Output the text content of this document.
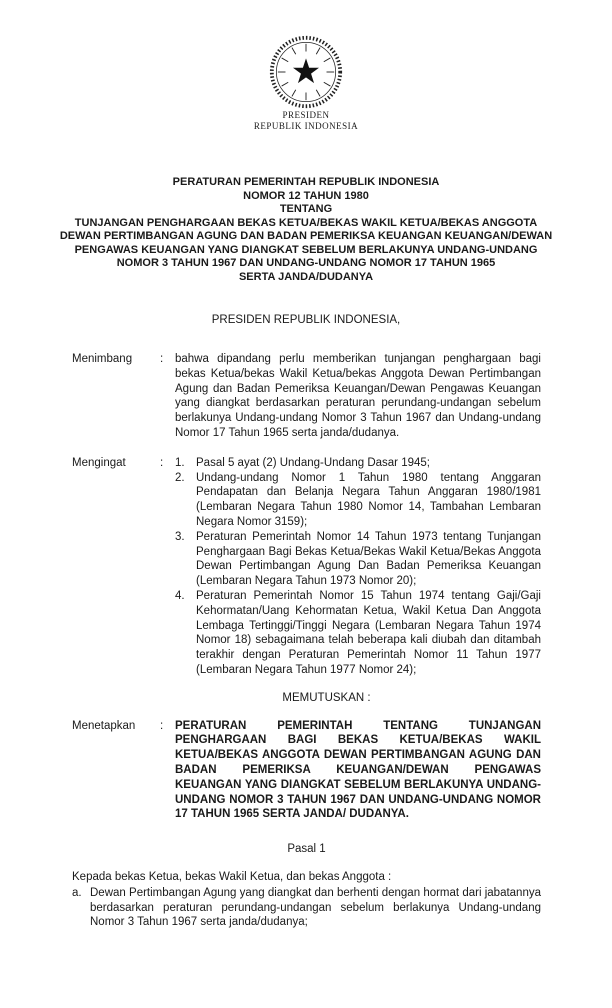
PRESIDEN
REPUBLIK INDONESIA
PERATURAN PEMERINTAH REPUBLIK INDONESIA
NOMOR 12 TAHUN 1980
TENTANG
TUNJANGAN PENGHARGAAN BEKAS KETUA/BEKAS WAKIL KETUA/BEKAS ANGGOTA
DEWAN PERTIMBANGAN AGUNG DAN BADAN PEMERIKSA KEUANGAN KEUANGAN/DEWAN
PENGAWAS KEUANGAN YANG DIANGKAT SEBELUM BERLAKUNYA UNDANG-UNDANG
NOMOR 3 TAHUN 1967 DAN UNDANG-UNDANG NOMOR 17 TAHUN 1965
SERTA JANDA/DUDANYA
PRESIDEN REPUBLIK INDONESIA,
Menimbang	:	bahwa dipandang perlu memberikan tunjangan penghargaan bagi bekas Ketua/bekas Wakil Ketua/bekas Anggota Dewan Pertimbangan Agung dan Badan Pemeriksa Keuangan/Dewan Pengawas Keuangan yang diangkat berdasarkan peraturan perundang-undangan sebelum berlakunya Undang-undang Nomor 3 Tahun 1967 dan Undang-undang Nomor 17 Tahun 1965 serta janda/dudanya.
Mengingat	:	1. Pasal 5 ayat (2) Undang-Undang Dasar 1945;
2. Undang-undang Nomor 1 Tahun 1980 tentang Anggaran Pendapatan dan Belanja Negara Tahun Anggaran 1980/1981 (Lembaran Negara Tahun 1980 Nomor 14, Tambahan Lembaran Negara Nomor 3159);
3. Peraturan Pemerintah Nomor 14 Tahun 1973 tentang Tunjangan Penghargaan Bagi Bekas Ketua/Bekas Wakil Ketua/Bekas Anggota Dewan Pertimbangan Agung Dan Badan Pemeriksa Keuangan (Lembaran Negara Tahun 1973 Nomor 20);
4. Peraturan Pemerintah Nomor 15 Tahun 1974 tentang Gaji/Gaji Kehormatan/Uang Kehormatan Ketua, Wakil Ketua Dan Anggota Lembaga Tertinggi/Tinggi Negara (Lembaran Negara Tahun 1974 Nomor 18) sebagaimana telah beberapa kali diubah dan ditambah terakhir dengan Peraturan Pemerintah Nomor 11 Tahun 1977 (Lembaran Negara Tahun 1977 Nomor 24);
MEMUTUSKAN :
Menetapkan	:	PERATURAN PEMERINTAH TENTANG TUNJANGAN PENGHARGAAN BAGI BEKAS KETUA/BEKAS WAKIL KETUA/BEKAS ANGGOTA DEWAN PERTIMBANGAN AGUNG DAN BADAN PEMERIKSA KEUANGAN/DEWAN PENGAWAS KEUANGAN YANG DIANGKAT SEBELUM BERLAKUNYA UNDANG-UNDANG NOMOR 3 TAHUN 1967 DAN UNDANG-UNDANG NOMOR 17 TAHUN 1965 SERTA JANDA/ DUDANYA.
Pasal 1

Kepada bekas Ketua, bekas Wakil Ketua, dan bekas Anggota :

a. Dewan Pertimbangan Agung yang diangkat dan berhenti dengan hormat dari jabatannya berdasarkan peraturan perundang-undangan sebelum berlakunya Undang-undang Nomor 3 Tahun 1967 serta janda/dudanya;
